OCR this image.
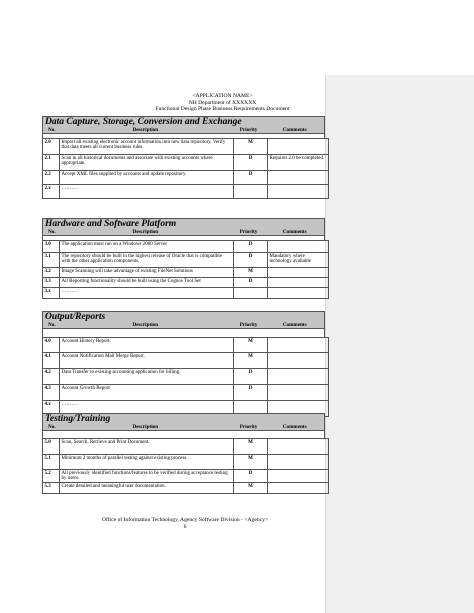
<APPLICATION NAME>
NH Department of XXXXXX
Functional Design Phase Business Requirements Document
Data Capture, Storage, Conversion and Exchange
No.	Description	Priority	Comments
2.0	Import all existing electronic account information into new data repository. Verify that data meets all current business rules.	M	
2.1	Scan in all historical documents and associate with existing accounts where appropriate.	D	Requires 2.0 be completed.
2.2	Accept XML files supplied by accounts and update repository.	D	
2.x	……….		
Hardware and Software Platform
No.	Description	Priority	Comments
3.0	The application must run on a Windows 2000 Server	D	
3.1	The repository should be built in the highest release of Oracle that is compatible with the other application components.	D	Mandatory where technology available
3.2	Image Scanning will take advantage of existing FileNet Solutions	M	
3.3	All Reporting functionality should be built using the Cognos Tool Set	D	
3.x	……….		
Output/Reports
No.	Description	Priority	Comments
4.0	Account History Report.	M	
4.1	Account Notification Mail Merge Report.	M	
4.2	Data Transfer to existing accounting application for billing.	D	
4.3	Account Growth Report	D	
4.x	……….		
Testing/Training
No.	Description	Priority	Comments
5.0	Scan, Search, Retrieve and Print Document.	M	
5.1	Minimum 2 months of parallel testing against existing process.	M	
5.2	All previously identified functions/features to be verified during acceptance testing by users.	D	
5.3	Create detailed and meaningful user documentation.	M	
Office of Information Technology, Agency Software Division - <Agency>
6
